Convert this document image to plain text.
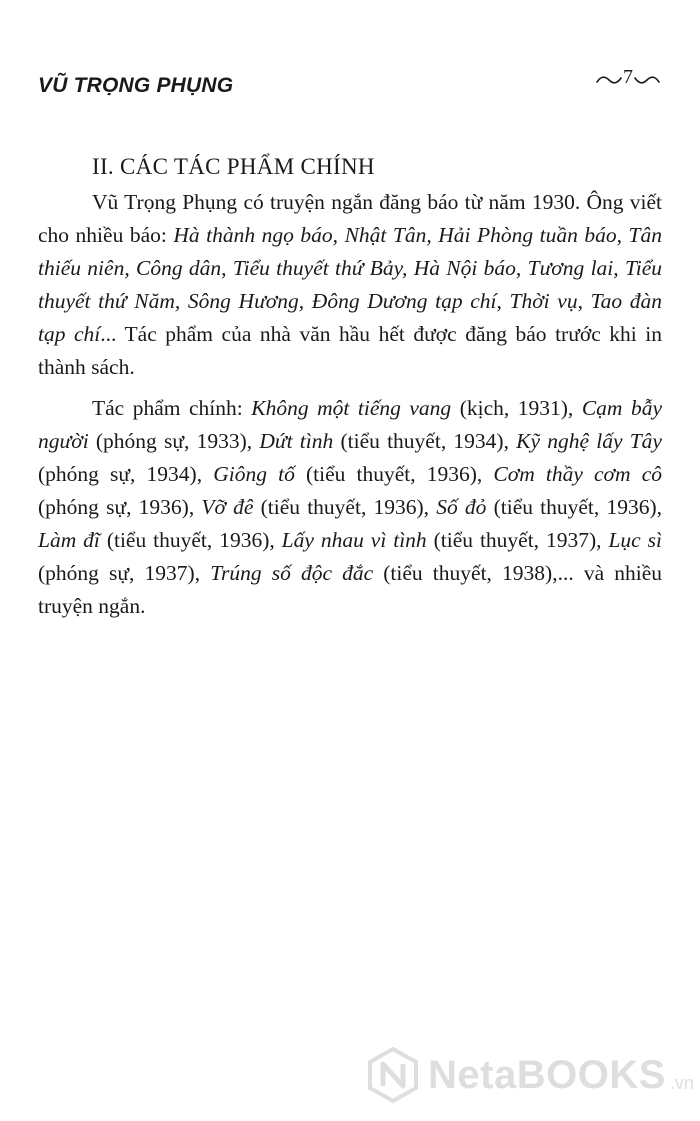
VŨ TRỌNG PHỤNG	7
II. CÁC TÁC PHẨM CHÍNH

Vũ Trọng Phụng có truyện ngắn đăng báo từ năm 1930. Ông viết cho nhiều báo: Hà thành ngọ báo, Nhật Tân, Hải Phòng tuần báo, Tân thiếu niên, Công dân, Tiểu thuyết thứ Bảy, Hà Nội báo, Tương lai, Tiểu thuyết thứ Năm, Sông Hương, Đông Dương tạp chí, Thời vụ, Tao đàn tạp chí... Tác phẩm của nhà văn hầu hết được đăng báo trước khi in thành sách.

Tác phẩm chính: Không một tiếng vang (kịch, 1931), Cạm bẫy người (phóng sự, 1933), Dứt tình (tiểu thuyết, 1934), Kỹ nghệ lấy Tây (phóng sự, 1934), Giông tố (tiểu thuyết, 1936), Cơm thầy cơm cô (phóng sự, 1936), Vỡ đê (tiểu thuyết, 1936), Số đỏ (tiểu thuyết, 1936), Làm đĩ (tiểu thuyết, 1936), Lấy nhau vì tình (tiểu thuyết, 1937), Lục sì (phóng sự, 1937), Trúng số độc đắc (tiểu thuyết, 1938),... và nhiều truyện ngắn.

NetaBOOKS .vn
